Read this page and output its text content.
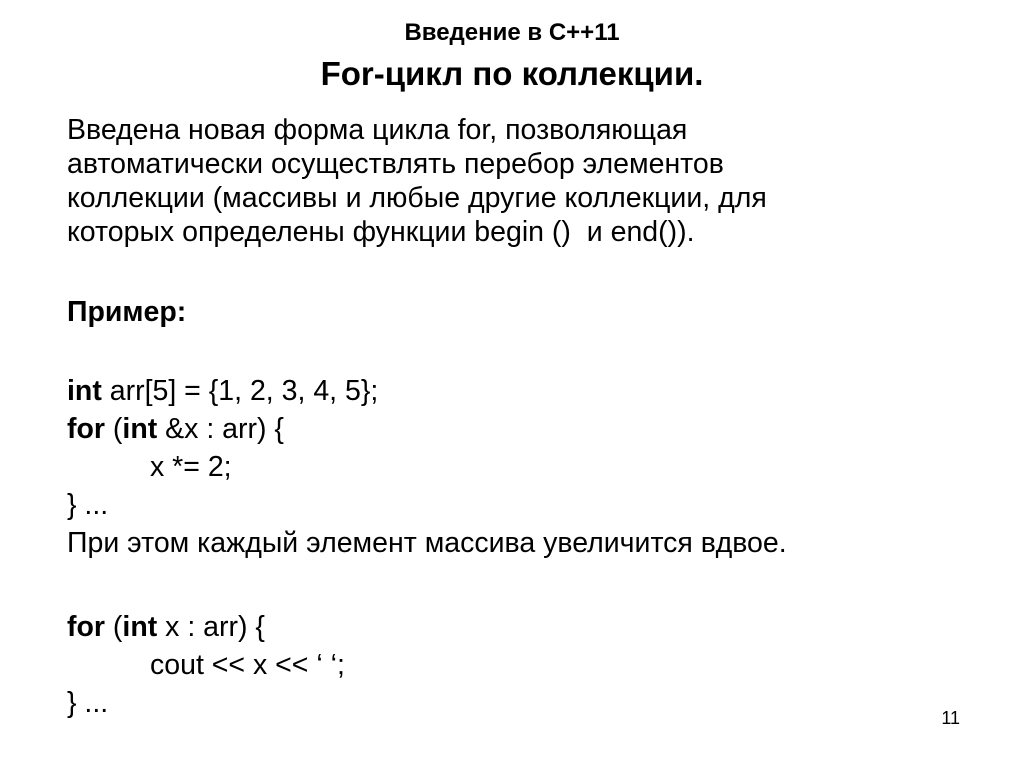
Введение в С++11
For-цикл по коллекции.
Введена новая форма цикла for, позволяющая
автоматически осуществлять перебор элементов
коллекции (массивы и любые другие коллекции, для
которых определены функции begin ()  и end()).
Пример:
int arr[5] = {1, 2, 3, 4, 5};
for (int &x : arr) {
x *= 2;
} ...
При этом каждый элемент массива увеличится вдвое.
for (int x : arr) {
cout << x << ‘ ‘;
} ...	11
